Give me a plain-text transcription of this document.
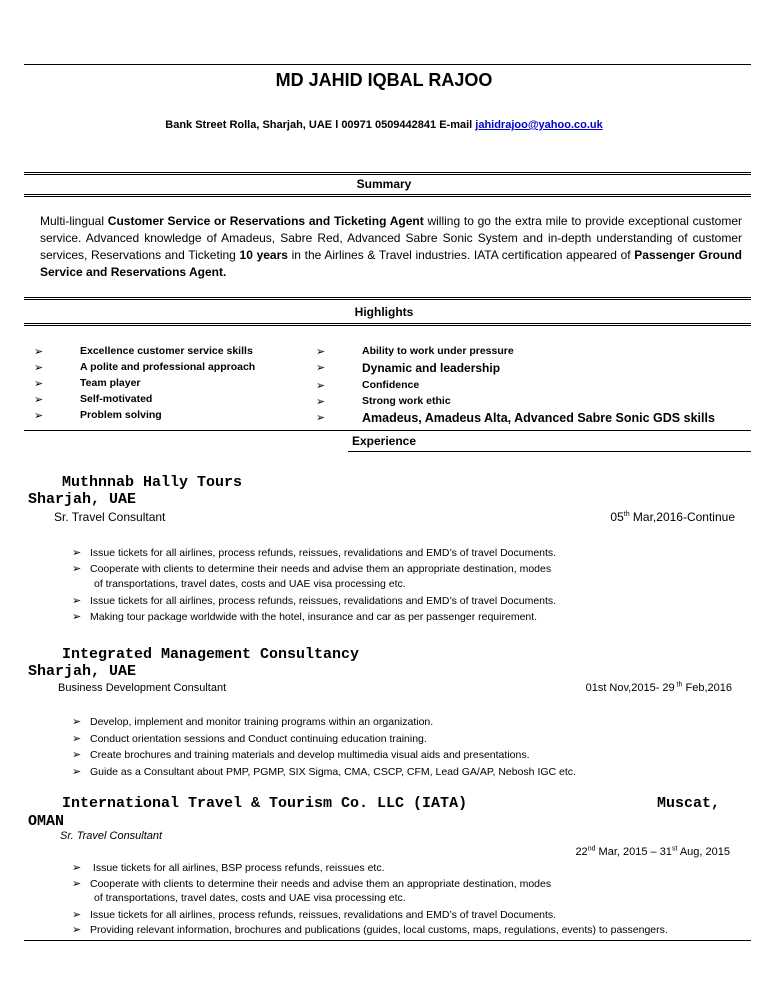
MD JAHID IQBAL RAJOO
Bank Street Rolla, Sharjah, UAE l 00971 0509442841 E-mail jahidrajoo@yahoo.co.uk
Summary
Multi-lingual Customer Service or Reservations and Ticketing Agent willing to go the extra mile to provide exceptional customer service. Advanced knowledge of Amadeus, Sabre Red, Advanced Sabre Sonic System and in-depth understanding of customer services, Reservations and Ticketing 10 years in the Airlines & Travel industries. IATA certification appeared of Passenger Ground Service and Reservations Agent.
Highlights
➢	Excellence customer service skills
➢	A polite and professional approach
➢	Team player
➢	Self-motivated
➢	Problem solving
➢	Ability to work under pressure
➢	Dynamic and leadership
➢	Confidence
➢	Strong work ethic
➢	Amadeus, Amadeus Alta, Advanced Sabre Sonic GDS skills
Experience
Muthnnab Hally Tours
Sharjah, UAE
Sr. Travel Consultant	05th Mar,2016-Continue
➢ Issue tickets for all airlines, process refunds, reissues, revalidations and EMD’s of travel Documents.
➢ Cooperate with clients to determine their needs and advise them an appropriate destination, modes
of transportations, travel dates, costs and UAE visa processing etc.
➢ Issue tickets for all airlines, process refunds, reissues, revalidations and EMD’s of travel Documents.
➢ Making tour package worldwide with the hotel, insurance and car as per passenger requirement.
Integrated Management Consultancy
Sharjah, UAE
Business Development Consultant	01st Nov,2015- 29 $^{th}$ Feb,2016
➢ Develop, implement and monitor training programs within an organization.
➢ Conduct orientation sessions and Conduct continuing education training.
➢ Create brochures and training materials and develop multimedia visual aids and presentations.
➢ Guide as a Consultant about PMP, PGMP, SIX Sigma, CMA, CSCP, CFM, Lead GA/AP, Nebosh IGC etc.
International Travel & Tourism Co. LLC (IATA)	Muscat,
OMAN
Sr. Travel Consultant
22nd Mar, 2015 – 31st Aug, 2015
➢ Issue tickets for all airlines, BSP process refunds, reissues etc.
➢ Cooperate with clients to determine their needs and advise them an appropriate destination, modes
of transportations, travel dates, costs and UAE visa processing etc.
➢ Issue tickets for all airlines, process refunds, reissues, revalidations and EMD’s of travel Documents.
➢ Providing relevant information, brochures and publications (guides, local customs, maps, regulations, events) to passengers.
